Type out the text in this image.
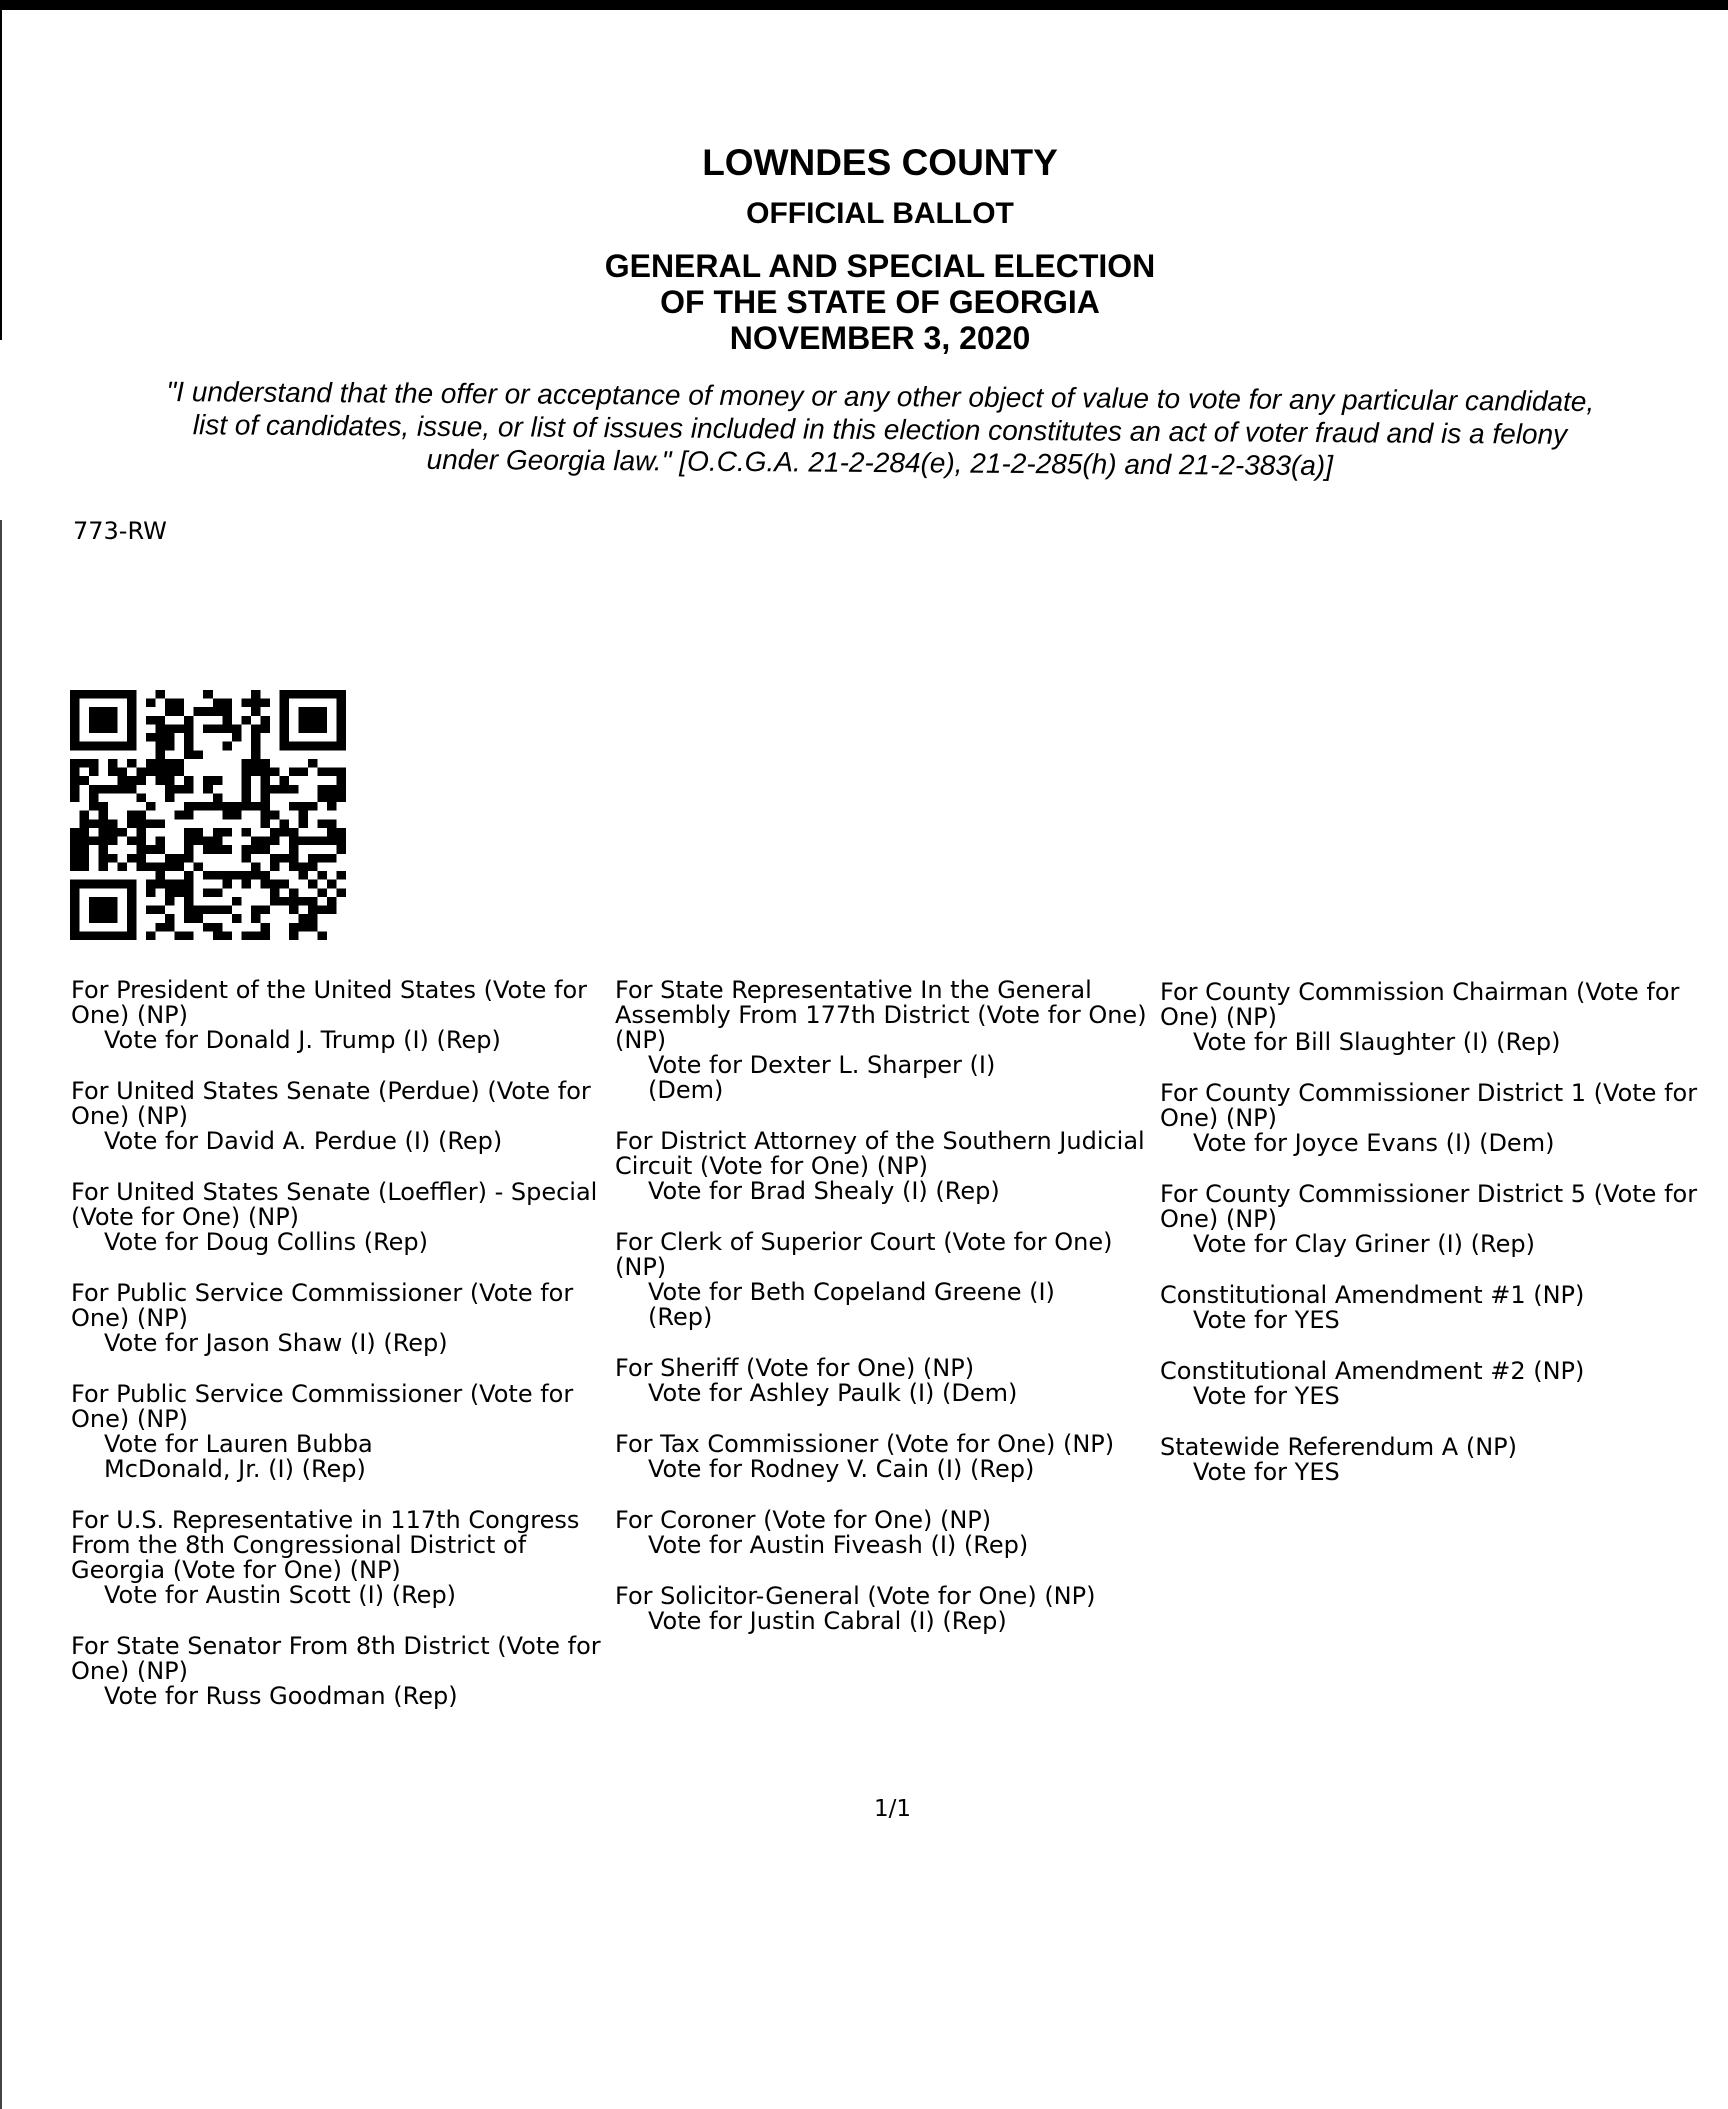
LOWNDES COUNTY
OFFICIAL BALLOT
GENERAL AND SPECIAL ELECTION
OF THE STATE OF GEORGIA
NOVEMBER 3, 2020
"I understand that the offer or acceptance of money or any other object of value to vote for any particular candidate,
list of candidates, issue, or list of issues included in this election constitutes an act of voter fraud and is a felony
under Georgia law." [O.C.G.A. 21-2-284(e), 21-2-285(h) and 21-2-383(a)]
773-RW
For President of the United States (Vote for One) (NP)
Vote for Donald J. Trump (I) (Rep)
For United States Senate (Perdue) (Vote for One) (NP)
Vote for David A. Perdue (I) (Rep)
For United States Senate (Loeffler) - Special (Vote for One) (NP)
Vote for Doug Collins (Rep)
For Public Service Commissioner (Vote for One) (NP)
Vote for Jason Shaw (I) (Rep)
For Public Service Commissioner (Vote for One) (NP)
Vote for Lauren Bubba
McDonald, Jr. (I) (Rep)
For U.S. Representative in 117th Congress From the 8th Congressional District of Georgia (Vote for One) (NP)
Vote for Austin Scott (I) (Rep)
For State Senator From 8th District (Vote for One) (NP)
Vote for Russ Goodman (Rep)
For State Representative In the General Assembly From 177th District (Vote for One) (NP)
Vote for Dexter L. Sharper (I)
(Dem)
For District Attorney of the Southern Judicial Circuit (Vote for One) (NP)
Vote for Brad Shealy (I) (Rep)
For Clerk of Superior Court (Vote for One) (NP)
Vote for Beth Copeland Greene (I)
(Rep)
For Sheriff (Vote for One) (NP)
Vote for Ashley Paulk (I) (Dem)
For Tax Commissioner (Vote for One) (NP)
Vote for Rodney V. Cain (I) (Rep)
For Coroner (Vote for One) (NP)
Vote for Austin Fiveash (I) (Rep)
For Solicitor-General (Vote for One) (NP)
Vote for Justin Cabral (I) (Rep)
For County Commission Chairman (Vote for One) (NP)
Vote for Bill Slaughter (I) (Rep)
For County Commissioner District 1 (Vote for One) (NP)
Vote for Joyce Evans (I) (Dem)
For County Commissioner District 5 (Vote for One) (NP)
Vote for Clay Griner (I) (Rep)
Constitutional Amendment #1 (NP)
Vote for YES
Constitutional Amendment #2 (NP)
Vote for YES
Statewide Referendum A (NP)
Vote for YES
1/1
